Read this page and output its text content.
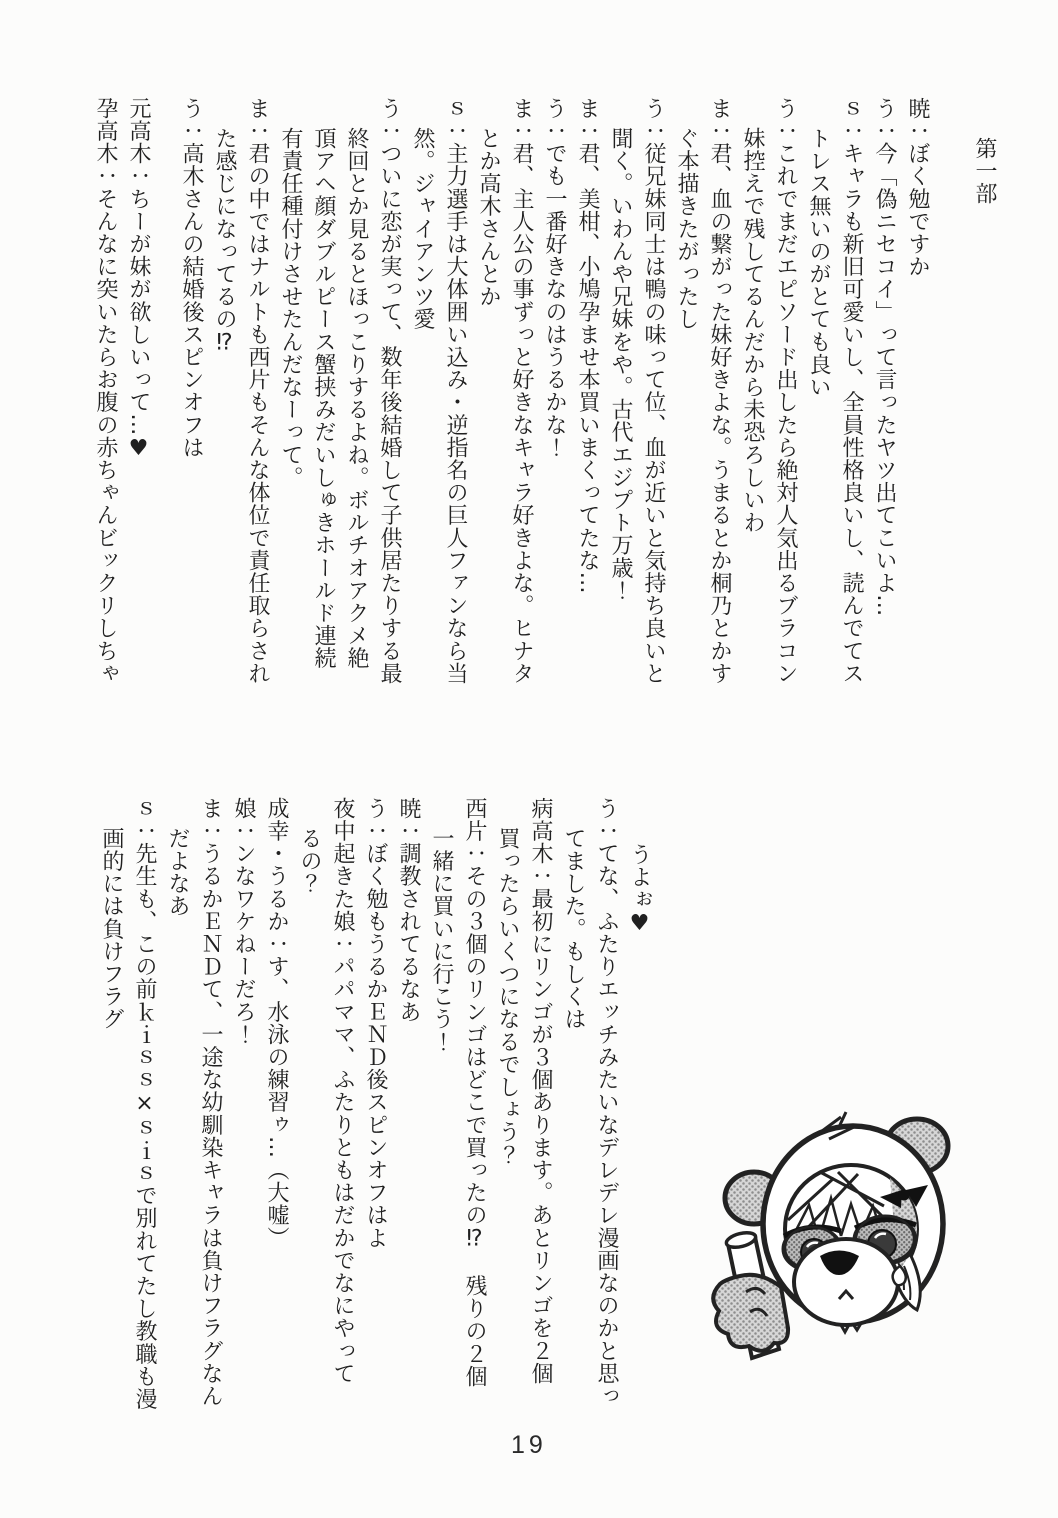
第一部
暁：ぼく勉ですか
う：今「偽ニセコイ」って言ったヤツ出てこいよ…
ｓ：キャラも新旧可愛いし、全員性格良いし、読んでてス
トレス無いのがとても良い
う：これでまだエピソード出したら絶対人気出るブラコン
妹控えで残してるんだから未恐ろしいわ
ま：君、血の繋がった妹好きよな。うまるとか桐乃とかす
ぐ本描きたがったし
う：従兄妹同士は鴨の味って位、血が近いと気持ち良いと
聞く。いわんや兄妹をや。古代エジプト万歳！
ま：君、美柑、小鳩孕ませ本買いまくってたな…
う：でも一番好きなのはうるかな！
ま：君、主人公の事ずっと好きなキャラ好きよな。ヒナタ
とか高木さんとか
ｓ：主力選手は大体囲い込み・逆指名の巨人ファンなら当
然。ジャイアンツ愛
う：ついに恋が実って、数年後結婚して子供居たりする最
終回とか見るとほっこりするよね。ボルチオアクメ絶
頂アヘ顔ダブルピース蟹挟みだいしゅきホールド連続
有責任種付けさせたんだなーって。
ま：君の中ではナルトも西片もそんな体位で責任取らされ
た感じになってるの⁉
う：高木さんの結婚後スピンオフは
元高木：ちーが妹が欲しいって…♥
孕高木：そんなに突いたらお腹の赤ちゃんビックリしちゃ
うよぉ♥
う：てな、ふたりエッチみたいなデレデレ漫画なのかと思っ
てました。もしくは
病高木：最初にリンゴが３個あります。あとリンゴを２個
買ったらいくつになるでしょう？
西片：その３個のリンゴはどこで買ったの⁉　残りの２個
一緒に買いに行こう！
暁：調教されてるなあ
う：ぼく勉もうるかＥＮＤ後スピンオフはよ
夜中起きた娘：パパママ、ふたりともはだかでなにやって
るの？
成幸・うるか：す、水泳の練習ゥ…（大嘘）
娘：ンなワケねーだろ！
ま：うるかＥＮＤて、一途な幼馴染キャラは負けフラグなん
だよなあ
ｓ：先生も、この前ｋｉｓｓ×ｓｉｓで別れてたし教職も漫
画的には負けフラグ
19
